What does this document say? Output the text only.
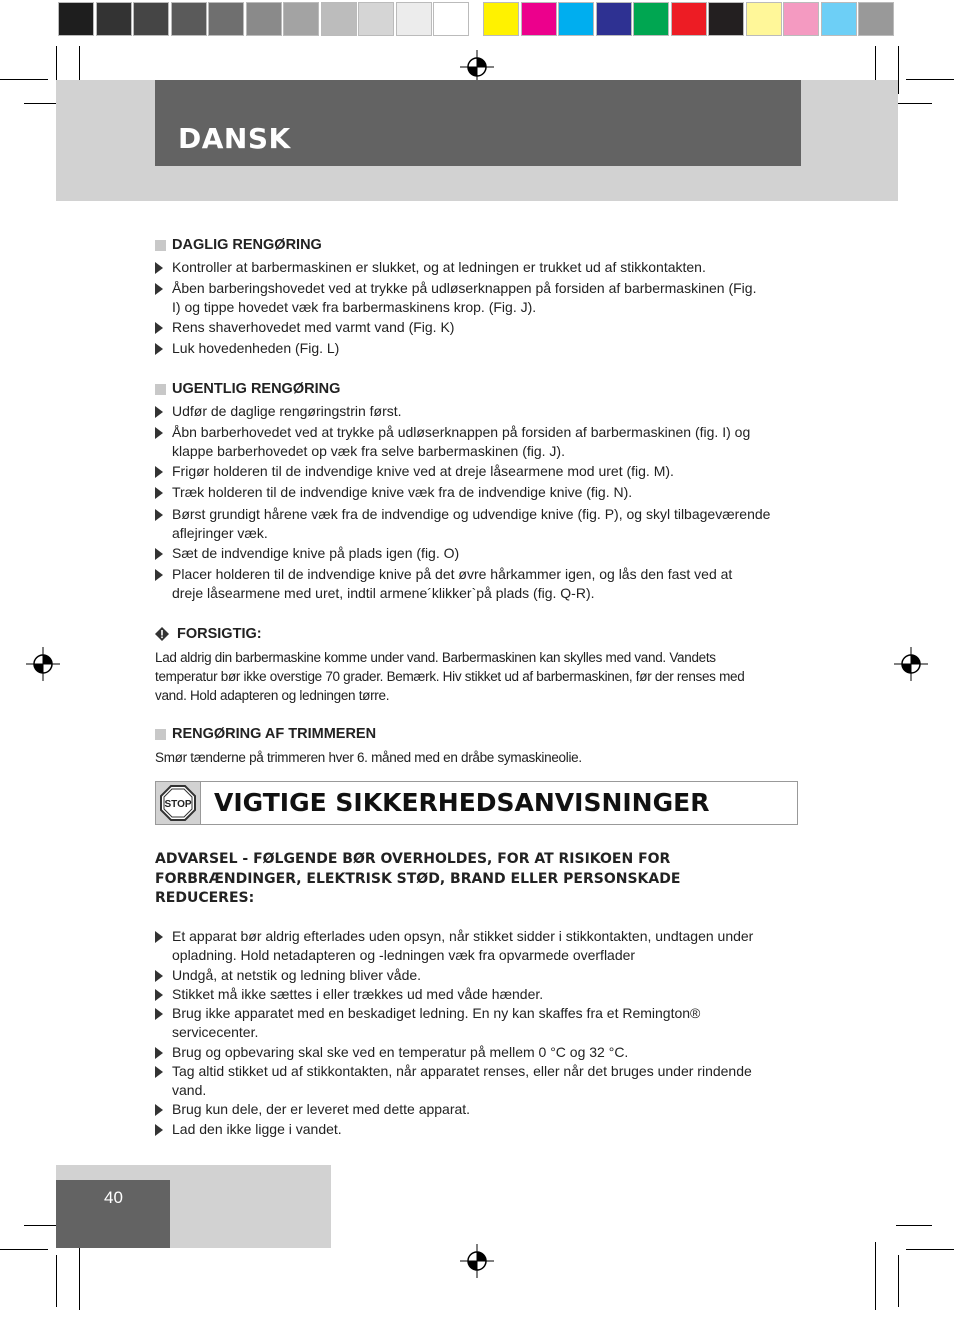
DANSK
DAGLIG RENGØRING
Kontroller at barbermaskinen er slukket, og at ledningen er trukket ud af stikkontakten.
Åben barberingshovedet ved at trykke på udløserknappen på forsiden af barbermaskinen (Fig.
I) og tippe hovedet væk fra barbermaskinens krop. (Fig. J).
Rens shaverhovedet med varmt vand (Fig. K)
Luk hovedenheden (Fig. L)
UGENTLIG RENGØRING
Udfør de daglige rengøringstrin først.
Åbn barberhovedet ved at trykke på udløserknappen på forsiden af barbermaskinen (fig. I) og
klappe barberhovedet op væk fra selve barbermaskinen (fig. J).
Frigør holderen til de indvendige knive ved at dreje låsearmene mod uret (fig. M).
Træk holderen til de indvendige knive væk fra de indvendige knive (fig. N).
Børst grundigt hårene væk fra de indvendige og udvendige knive (fig. P), og skyl tilbageværende
aflejringer væk.
Sæt de indvendige knive på plads igen (fig. O)
Placer holderen til de indvendige knive på det øvre hårkammer igen, og lås den fast ved at
dreje låsearmene med uret, indtil armene´klikker`på plads (fig. Q-R).
FORSIGTIG:
Lad aldrig din barbermaskine komme under vand. Barbermaskinen kan skylles med vand. Vandets
temperatur bør ikke overstige 70 grader. Bemærk. Hiv stikket ud af barbermaskinen, før der renses med
vand. Hold adapteren og ledningen tørre.
RENGØRING AF TRIMMEREN
Smør tænderne på trimmeren hver 6. måned med en dråbe symaskineolie.
STOP VIGTIGE SIKKERHEDSANVISNINGER
ADVARSEL - FØLGENDE BØR OVERHOLDES, FOR AT RISIKOEN FOR
FORBRÆNDINGER, ELEKTRISK STØD, BRAND ELLER PERSONSKADE
REDUCERES:
Et apparat bør aldrig efterlades uden opsyn, når stikket sidder i stikkontakten, undtagen under
opladning. Hold netadapteren og -ledningen væk fra opvarmede overflader
Undgå, at netstik og ledning bliver våde.
Stikket må ikke sættes i eller trækkes ud med våde hænder.
Brug ikke apparatet med en beskadiget ledning. En ny kan skaffes fra et Remington®
servicecenter.
Brug og opbevaring skal ske ved en temperatur på mellem 0 °C og 32 °C.
Tag altid stikket ud af stikkontakten, når apparatet renses, eller når det bruges under rindende
vand.
Brug kun dele, der er leveret med dette apparat.
Lad den ikke ligge i vandet.
40
